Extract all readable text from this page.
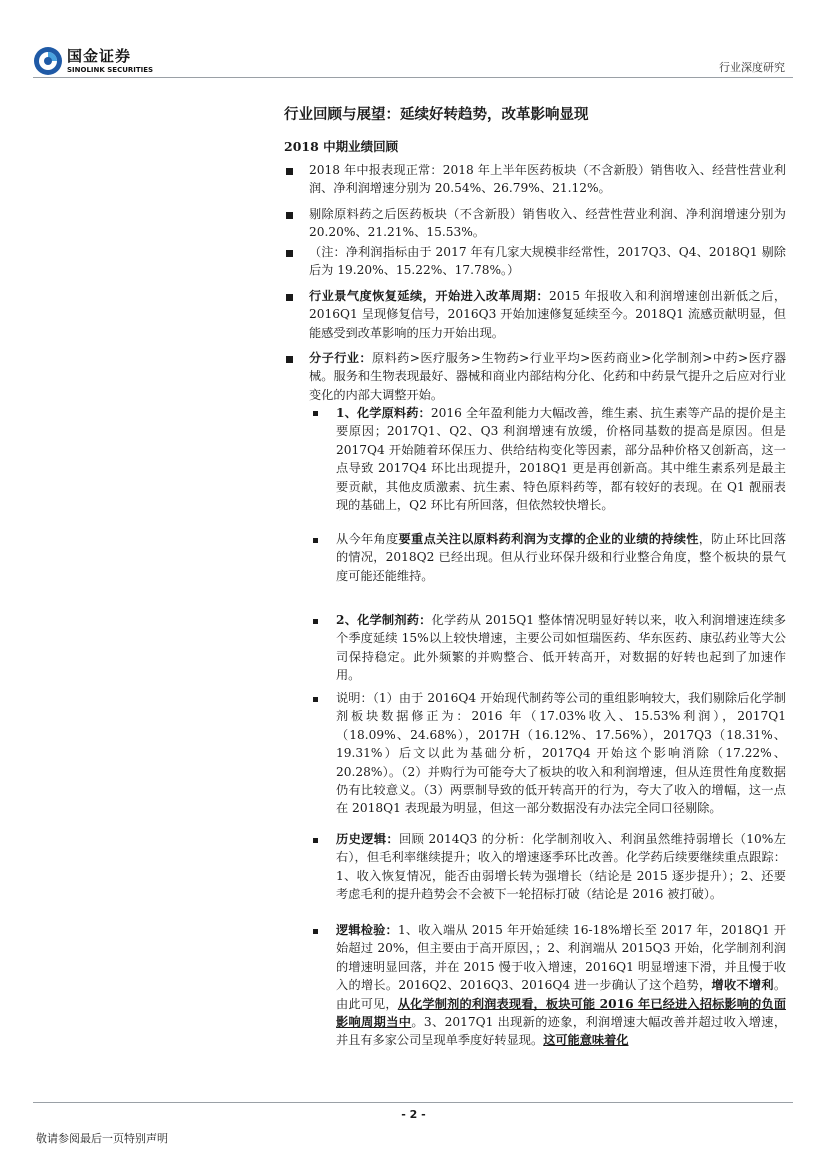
国金证券
SINOLINK SECURITIES	行业深度研究
行业回顾与展望：延续好转趋势，改革影响显现
2018 中期业绩回顾
2018 年中报表现正常：2018 年上半年医药板块（不含新股）销售收入、经营性营业利润、净利润增速分别为 20.54%、26.79%、21.12%。
剔除原料药之后医药板块（不含新股）销售收入、经营性营业利润、净利润增速分别为 20.20%、21.21%、15.53%。
（注：净利润指标由于 2017 年有几家大规模非经常性，2017Q3、Q4、2018Q1 剔除后为 19.20%、15.22%、17.78%。）
行业景气度恢复延续，开始进入改革周期：2015 年报收入和利润增速创出新低之后，2016Q1 呈现修复信号，2016Q3 开始加速修复延续至今。2018Q1 流感贡献明显，但能感受到改革影响的压力开始出现。
分子行业：原料药>医疗服务>生物药>行业平均>医药商业>化学制剂>中药>医疗器械。服务和生物表现最好、器械和商业内部结构分化、化药和中药景气提升之后应对行业变化的内部大调整开始。
1、化学原料药：2016 全年盈利能力大幅改善，维生素、抗生素等产品的提价是主要原因；2017Q1、Q2、Q3 利润增速有放缓，价格同基数的提高是原因。但是 2017Q4 开始随着环保压力、供给结构变化等因素，部分品种价格又创新高，这一点导致 2017Q4 环比出现提升，2018Q1 更是再创新高。其中维生素系列是最主要贡献，其他皮质激素、抗生素、特色原料药等，都有较好的表现。在 Q1 靓丽表现的基础上，Q2 环比有所回落，但依然较快增长。
从今年角度要重点关注以原料药利润为支撑的企业的业绩的持续性，防止环比回落的情况，2018Q2 已经出现。但从行业环保升级和行业整合角度，整个板块的景气度可能还能维持。
2、化学制剂药：化学药从 2015Q1 整体情况明显好转以来，收入利润增速连续多个季度延续 15%以上较快增速，主要公司如恒瑞医药、华东医药、康弘药业等大公司保持稳定。此外频繁的并购整合、低开转高开，对数据的好转也起到了加速作用。
说明：（1）由于 2016Q4 开始现代制药等公司的重组影响较大，我们剔除后化学制剂板块数据修正为：2016 年（17.03%收入、15.53%利润），2017Q1（18.09%、24.68%），2017H（16.12%、17.56%），2017Q3（18.31%、19.31%）后文以此为基础分析，2017Q4 开始这个影响消除（17.22%、20.28%）。（2）并购行为可能夸大了板块的收入和利润增速，但从连贯性角度数据仍有比较意义。（3）两票制导致的低开转高开的行为，夸大了收入的增幅，这一点在 2018Q1 表现最为明显，但这一部分数据没有办法完全同口径剔除。
历史逻辑：回顾 2014Q3 的分析：化学制剂收入、利润虽然维持弱增长（10%左右），但毛利率继续提升；收入的增速逐季环比改善。化学药后续要继续重点跟踪：1、收入恢复情况，能否由弱增长转为强增长（结论是 2015 逐步提升）；2、还要考虑毛利的提升趋势会不会被下一轮招标打破（结论是 2016 被打破）。
逻辑检验：1、收入端从 2015 年开始延续 16-18%增长至 2017 年，2018Q1 开始超过 20%，但主要由于高开原因，；2、利润端从 2015Q3 开始，化学制剂利润的增速明显回落，并在 2015 慢于收入增速，2016Q1 明显增速下滑，并且慢于收入的增长。2016Q2、2016Q3、2016Q4 进一步确认了这个趋势，增收不增利。由此可见，从化学制剂的利润表现看，板块可能 2016 年已经进入招标影响的负面影响周期当中。3、2017Q1 出现新的迹象，利润增速大幅改善并超过收入增速，并且有多家公司呈现单季度好转显现。这可能意味着化
- 2 -
敬请参阅最后一页特别声明
